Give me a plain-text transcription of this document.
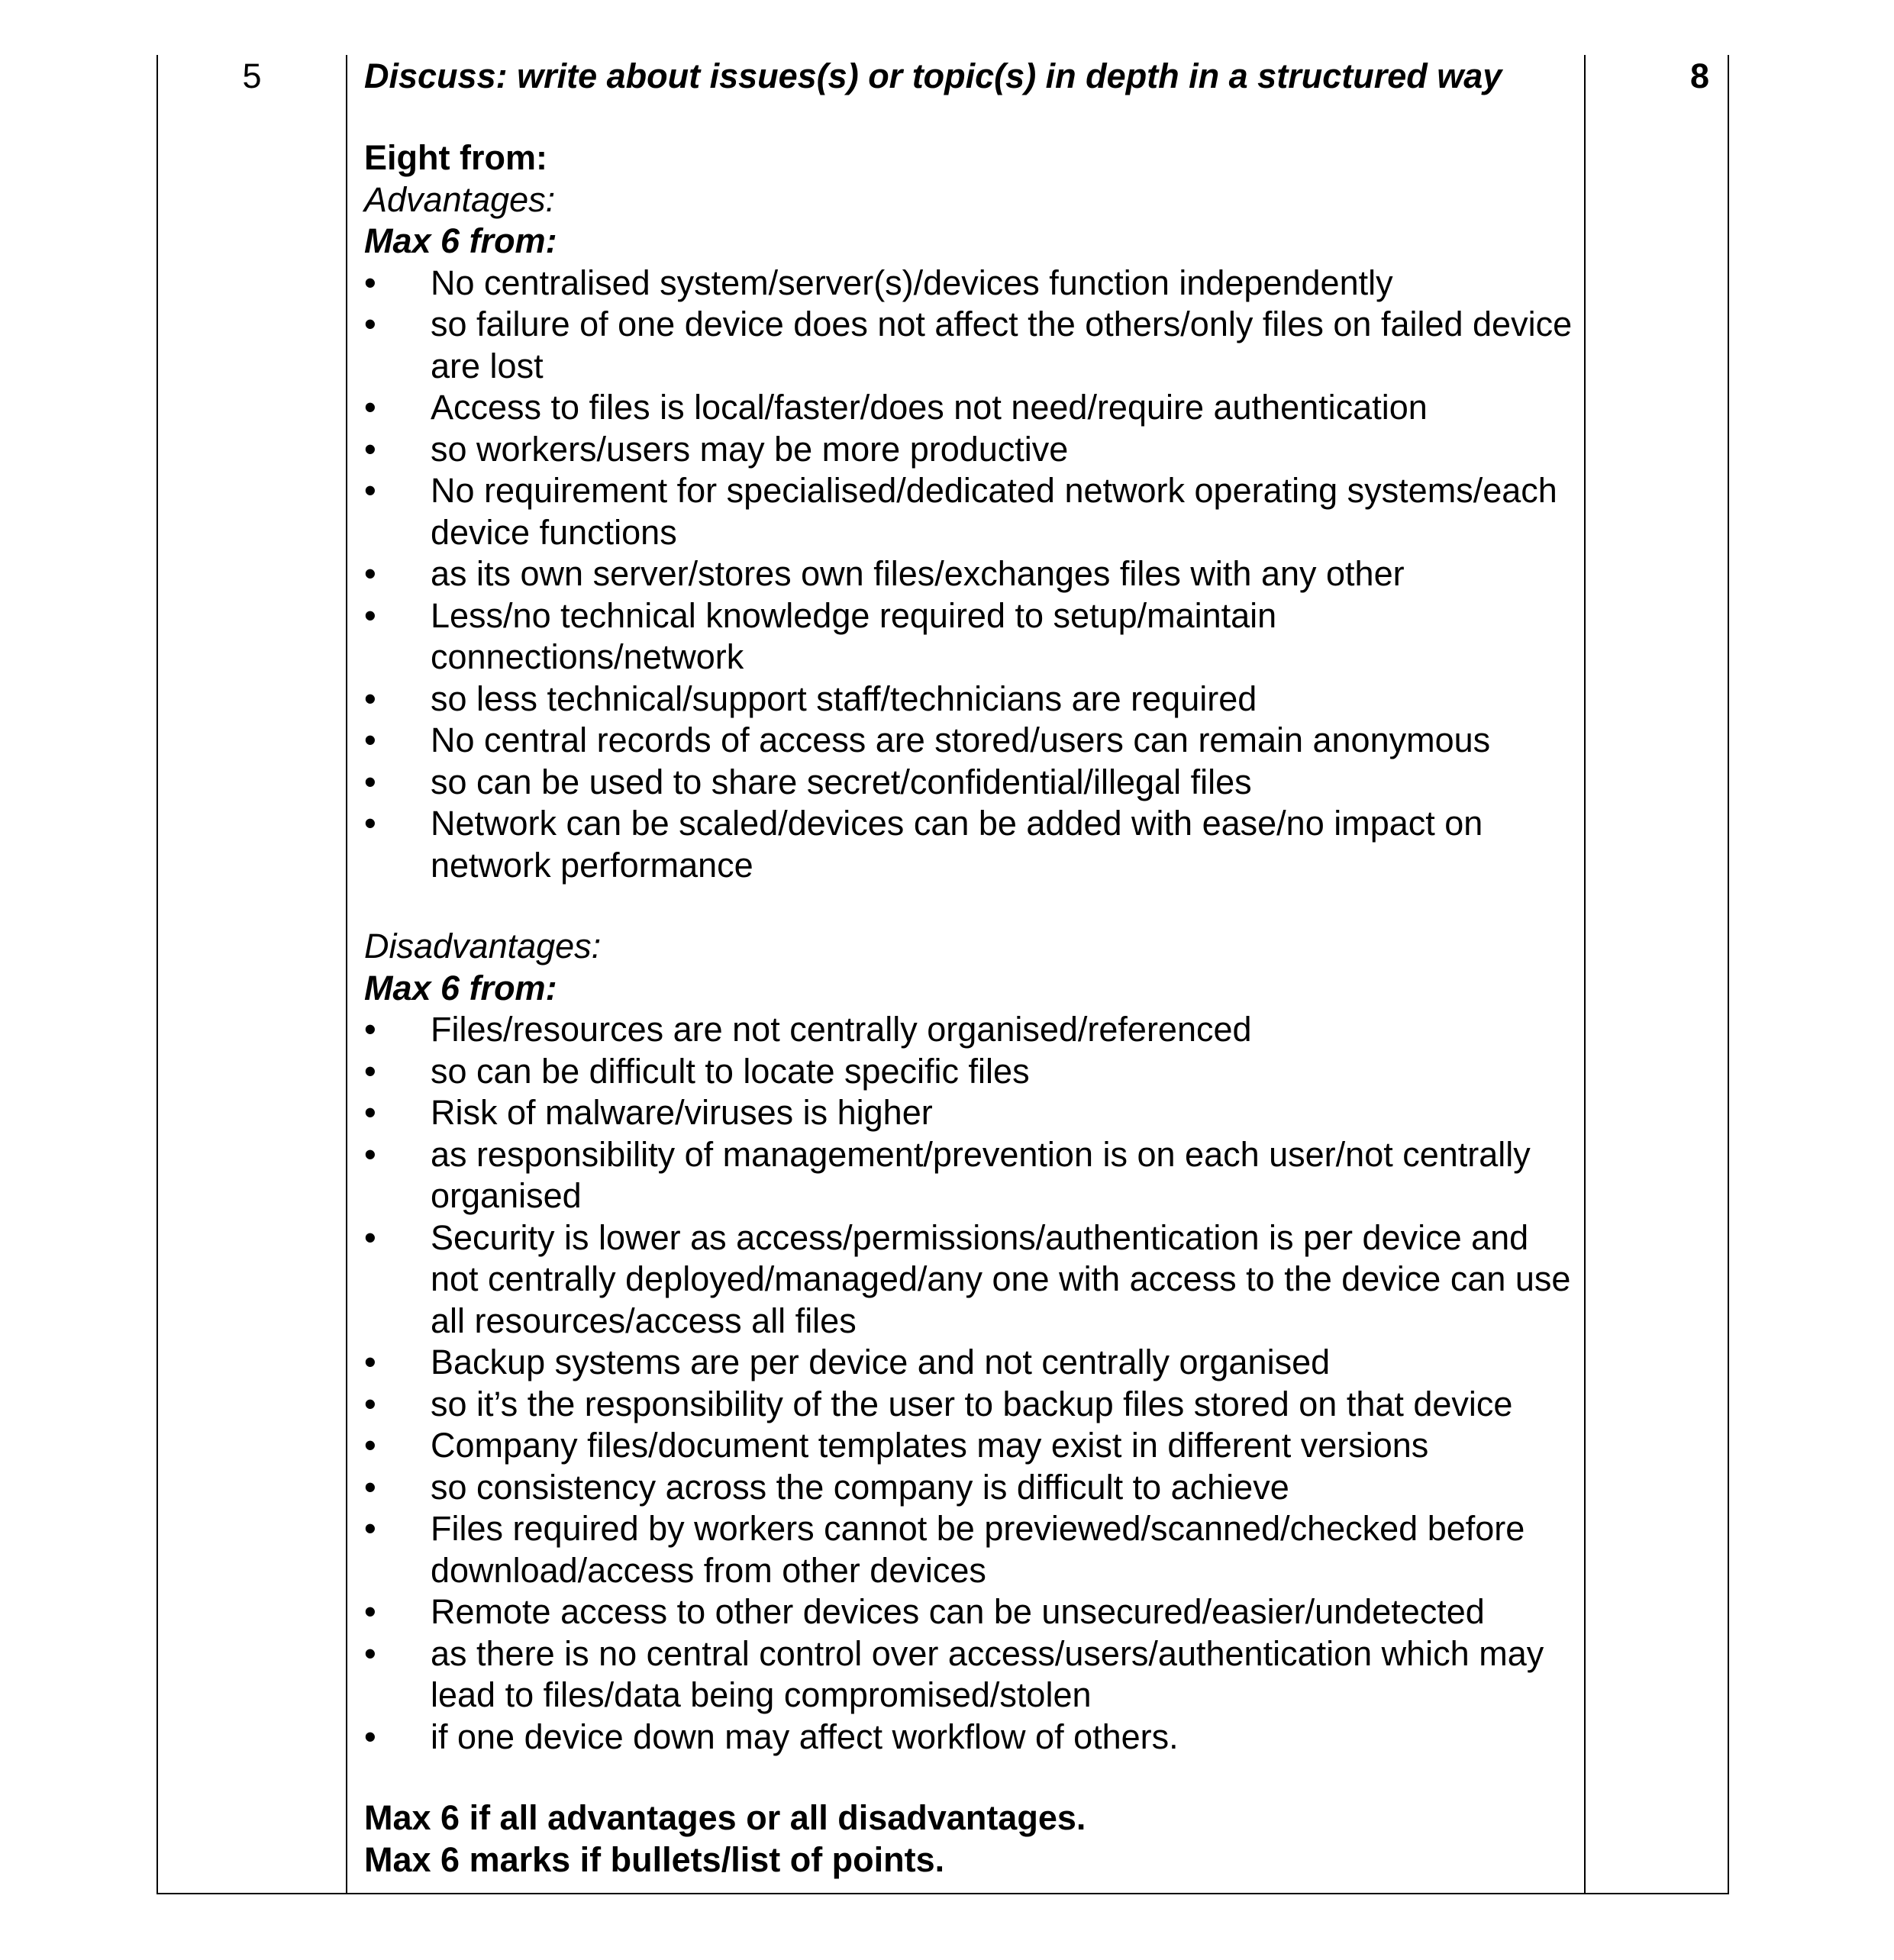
5	Discuss: write about issues(s) or topic(s) in depth in a structured way
Eight from:
Advantages:
Max 6 from:
• No centralised system/server(s)/devices function independently
• so failure of one device does not affect the others/only files on failed device are lost
• Access to files is local/faster/does not need/require authentication
• so workers/users may be more productive
• No requirement for specialised/dedicated network operating systems/each device functions
• as its own server/stores own files/exchanges files with any other
• Less/no technical knowledge required to setup/maintain connections/network
• so less technical/support staff/technicians are required
• No central records of access are stored/users can remain anonymous
• so can be used to share secret/confidential/illegal files
• Network can be scaled/devices can be added with ease/no impact on network performance
Disadvantages:
Max 6 from:
• Files/resources are not centrally organised/referenced
• so can be difficult to locate specific files
• Risk of malware/viruses is higher
• as responsibility of management/prevention is on each user/not centrally organised
• Security is lower as access/permissions/authentication is per device and not centrally deployed/managed/any one with access to the device can use all resources/access all files
• Backup systems are per device and not centrally organised
• so it’s the responsibility of the user to backup files stored on that device
• Company files/document templates may exist in different versions
• so consistency across the company is difficult to achieve
• Files required by workers cannot be previewed/scanned/checked before download/access from other devices
• Remote access to other devices can be unsecured/easier/undetected
• as there is no central control over access/users/authentication which may lead to files/data being compromised/stolen
• if one device down may affect workflow of others.
Max 6 if all advantages or all disadvantages.
Max 6 marks if bullets/list of points.
8
